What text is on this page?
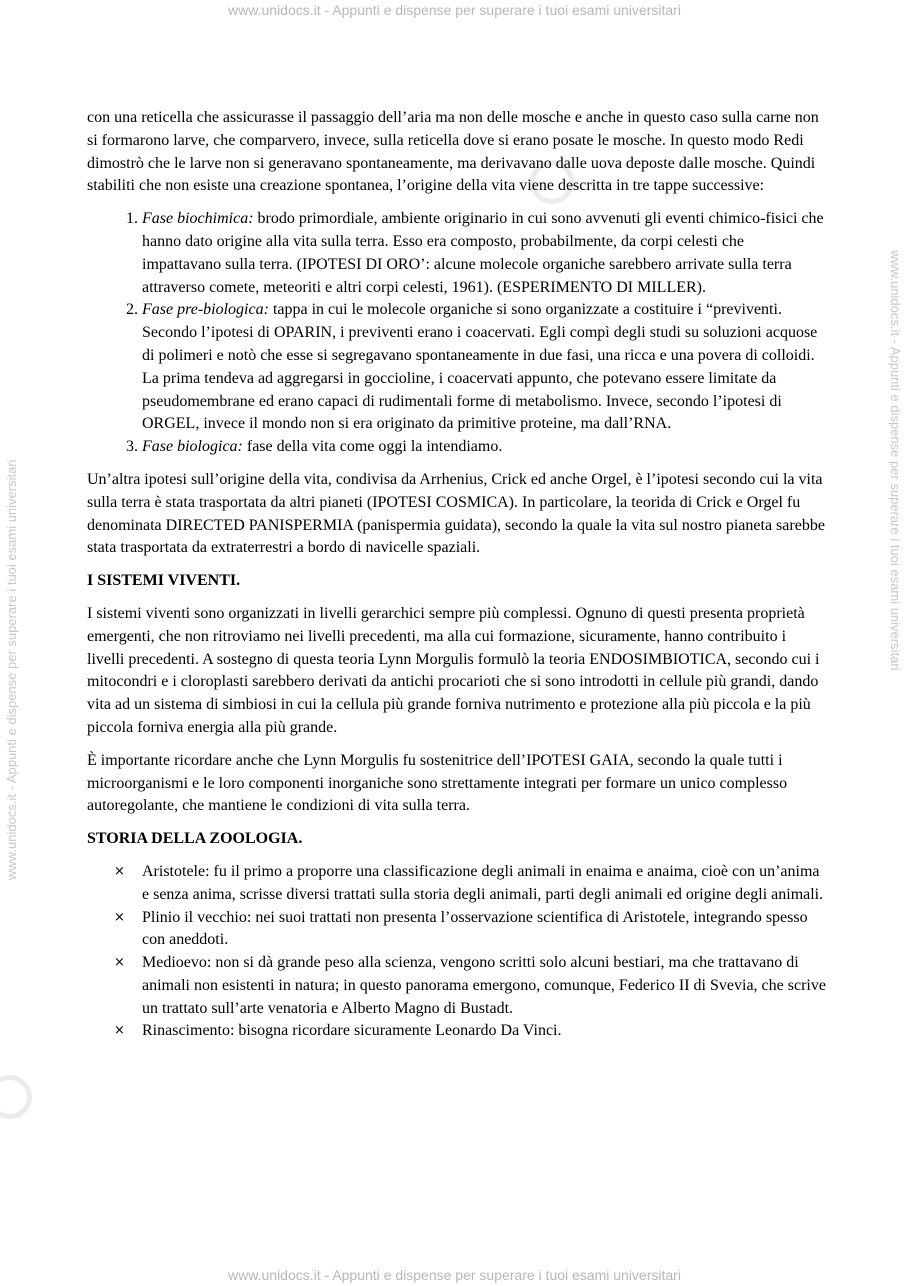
www.unidocs.it - Appunti e dispense per superare i tuoi esami universitari
www.unidocs.it - Appunti e dispense per superare i tuoi esami universitari	www.unidocs.it - Appunti e dispense per superare i tuoi esami universitari

con una reticella che assicurasse il passaggio dell’aria ma non delle mosche e anche in questo caso sulla carne non si formarono larve, che comparvero, invece, sulla reticella dove si erano posate le mosche. In questo modo Redi dimostrò che le larve non si generavano spontaneamente, ma derivavano dalle uova deposte dalle mosche. Quindi stabiliti che non esiste una creazione spontanea, l’origine della vita viene descritta in tre tappe successive:

1. Fase biochimica: brodo primordiale, ambiente originario in cui sono avvenuti gli eventi chimico-fisici che hanno dato origine alla vita sulla terra. Esso era composto, probabilmente, da corpi celesti che impattavano sulla terra. (IPOTESI DI ORO’: alcune molecole organiche sarebbero arrivate sulla terra attraverso comete, meteoriti e altri corpi celesti, 1961). (ESPERIMENTO DI MILLER).
2. Fase pre-biologica: tappa in cui le molecole organiche si sono organizzate a costituire i “previventi. Secondo l’ipotesi di OPARIN, i previventi erano i coacervati. Egli compì degli studi su soluzioni acquose di polimeri e notò che esse si segregavano spontaneamente in due fasi, una ricca e una povera di colloidi. La prima tendeva ad aggregarsi in goccioline, i coacervati appunto, che potevano essere limitate da pseudomembrane ed erano capaci di rudimentali forme di metabolismo. Invece, secondo l’ipotesi di ORGEL, invece il mondo non si era originato da primitive proteine, ma dall’RNA.
3. Fase biologica: fase della vita come oggi la intendiamo.

Un’altra ipotesi sull’origine della vita, condivisa da Arrhenius, Crick ed anche Orgel, è l’ipotesi secondo cui la vita sulla terra è stata trasportata da altri pianeti (IPOTESI COSMICA). In particolare, la teorida di Crick e Orgel fu denominata DIRECTED PANISPERMIA (panispermia guidata), secondo la quale la vita sul nostro pianeta sarebbe stata trasportata da extraterrestri a bordo di navicelle spaziali.

I SISTEMI VIVENTI.

I sistemi viventi sono organizzati in livelli gerarchici sempre più complessi. Ognuno di questi presenta proprietà emergenti, che non ritroviamo nei livelli precedenti, ma alla cui formazione, sicuramente, hanno contribuito i livelli precedenti. A sostegno di questa teoria Lynn Morgulis formulò la teoria ENDOSIMBIOTICA, secondo cui i mitocondri e i cloroplasti sarebbero derivati da antichi procarioti che si sono introdotti in cellule più grandi, dando vita ad un sistema di simbiosi in cui la cellula più grande forniva nutrimento e protezione alla più piccola e la più piccola forniva energia alla più grande.

È importante ricordare anche che Lynn Morgulis fu sostenitrice dell’IPOTESI GAIA, secondo la quale tutti i microorganismi e le loro componenti inorganiche sono strettamente integrati per formare un unico complesso autoregolante, che mantiene le condizioni di vita sulla terra.

STORIA DELLA ZOOLOGIA.

× Aristotele: fu il primo a proporre una classificazione degli animali in enaima e anaima, cioè con un’anima e senza anima, scrisse diversi trattati sulla storia degli animali, parti degli animali ed origine degli animali.
× Plinio il vecchio: nei suoi trattati non presenta l’osservazione scientifica di Aristotele, integrando spesso con aneddoti.
× Medioevo: non si dà grande peso alla scienza, vengono scritti solo alcuni bestiari, ma che trattavano di animali non esistenti in natura; in questo panorama emergono, comunque, Federico II di Svevia, che scrive un trattato sull’arte venatoria e Alberto Magno di Bustadt.
× Rinascimento: bisogna ricordare sicuramente Leonardo Da Vinci.
www.unidocs.it - Appunti e dispense per superare i tuoi esami universitari
